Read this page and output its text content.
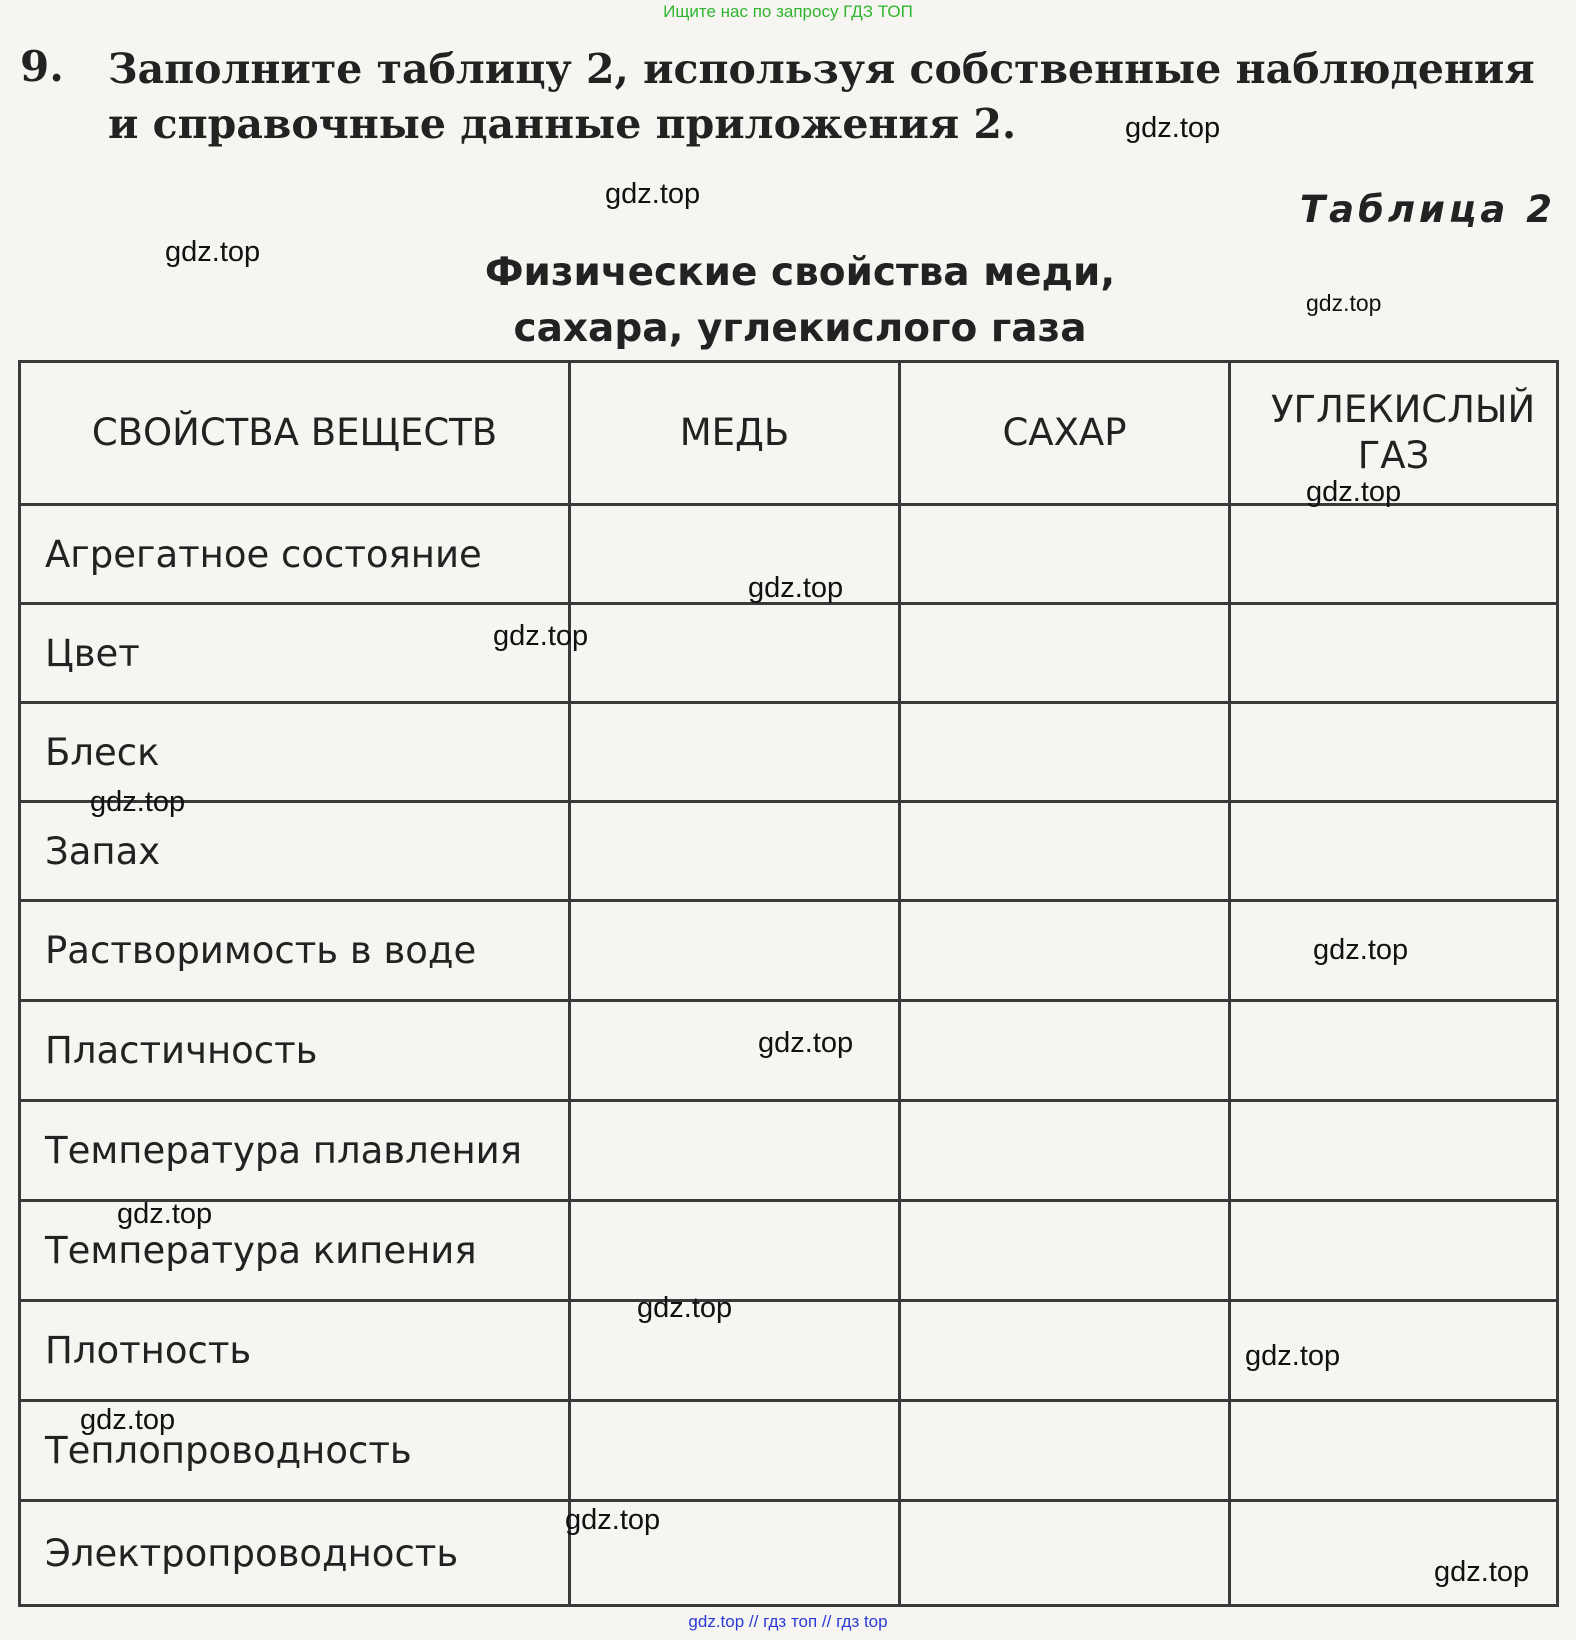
Ищите нас по запросу ГДЗ ТОП
9. Заполните таблицу 2, используя собственные наблюдения и справочные данные приложения 2.
Таблица 2
Физические свойства меди,
сахара, углекислого газа
СВОЙСТВА ВЕЩЕСТВ	МЕДЬ	САХАР	УГЛЕКИСЛЫЙ ГАЗ
Агрегатное состояние			
Цвет			
Блеск			
Запах			
Растворимость в воде			
Пластичность			
Температура плавления			
Температура кипения			
Плотность			
Теплопроводность			
Электропроводность			
gdz.top
gdz.top
gdz.top
gdz.top
gdz.top
gdz.top
gdz.top
gdz.top
gdz.top
gdz.top
gdz.top
gdz.top
gdz.top
gdz.top
gdz.top
gdz.top
gdz.top // гдз топ // гдз top
